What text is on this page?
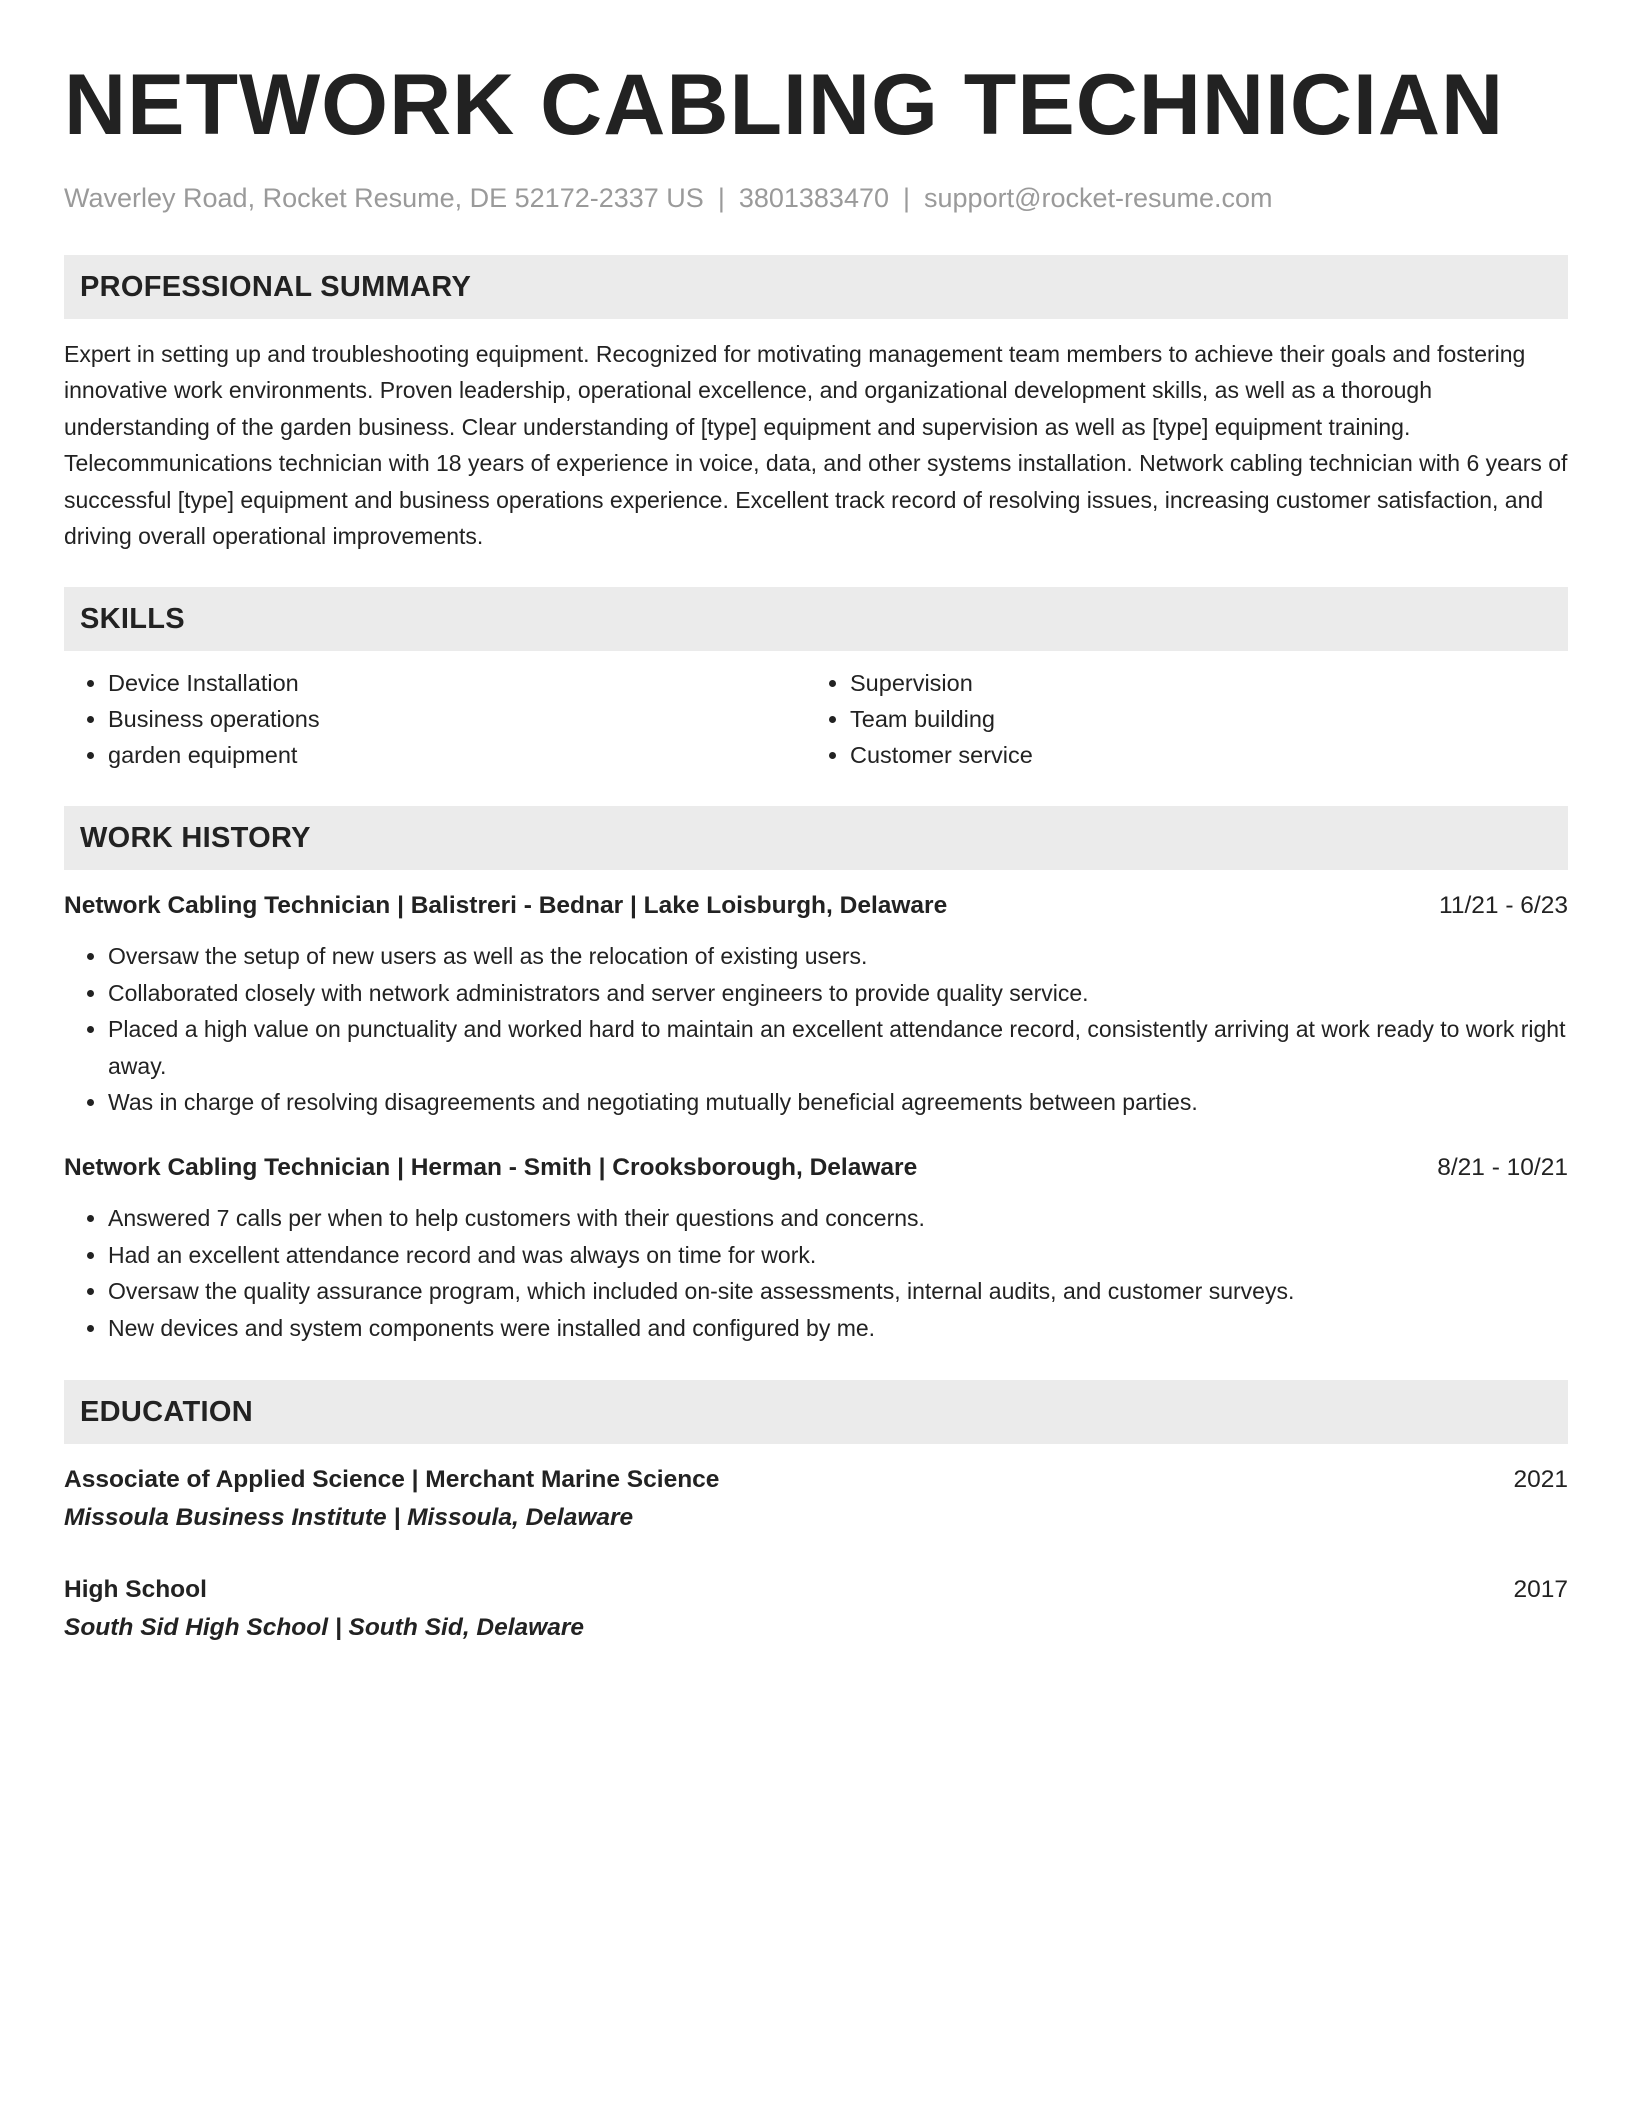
NETWORK CABLING TECHNICIAN
Waverley Road, Rocket Resume, DE 52172-2337 US | 3801383470 | support@rocket-resume.com
PROFESSIONAL SUMMARY

Expert in setting up and troubleshooting equipment. Recognized for motivating management team members to achieve their goals and fostering innovative work environments. Proven leadership, operational excellence, and organizational development skills, as well as a thorough understanding of the garden business. Clear understanding of [type] equipment and supervision as well as [type] equipment training. Telecommunications technician with 18 years of experience in voice, data, and other systems installation. Network cabling technician with 6 years of successful [type] equipment and business operations experience. Excellent track record of resolving issues, increasing customer satisfaction, and driving overall operational improvements.

SKILLS
• Device Installation
• Business operations
• garden equipment
• Supervision
• Team building
• Customer service
WORK HISTORY
Network Cabling Technician | Balistreri - Bednar | Lake Loisburgh, Delaware	11/21 - 6/23
• Oversaw the setup of new users as well as the relocation of existing users.
• Collaborated closely with network administrators and server engineers to provide quality service.
• Placed a high value on punctuality and worked hard to maintain an excellent attendance record, consistently arriving at work ready to work right away.
• Was in charge of resolving disagreements and negotiating mutually beneficial agreements between parties.
Network Cabling Technician | Herman - Smith | Crooksborough, Delaware	8/21 - 10/21
• Answered 7 calls per when to help customers with their questions and concerns.
• Had an excellent attendance record and was always on time for work.
• Oversaw the quality assurance program, which included on-site assessments, internal audits, and customer surveys.
• New devices and system components were installed and configured by me.
EDUCATION
Associate of Applied Science | Merchant Marine Science	2021
Missoula Business Institute | Missoula, Delaware
High School	2017
South Sid High School | South Sid, Delaware
